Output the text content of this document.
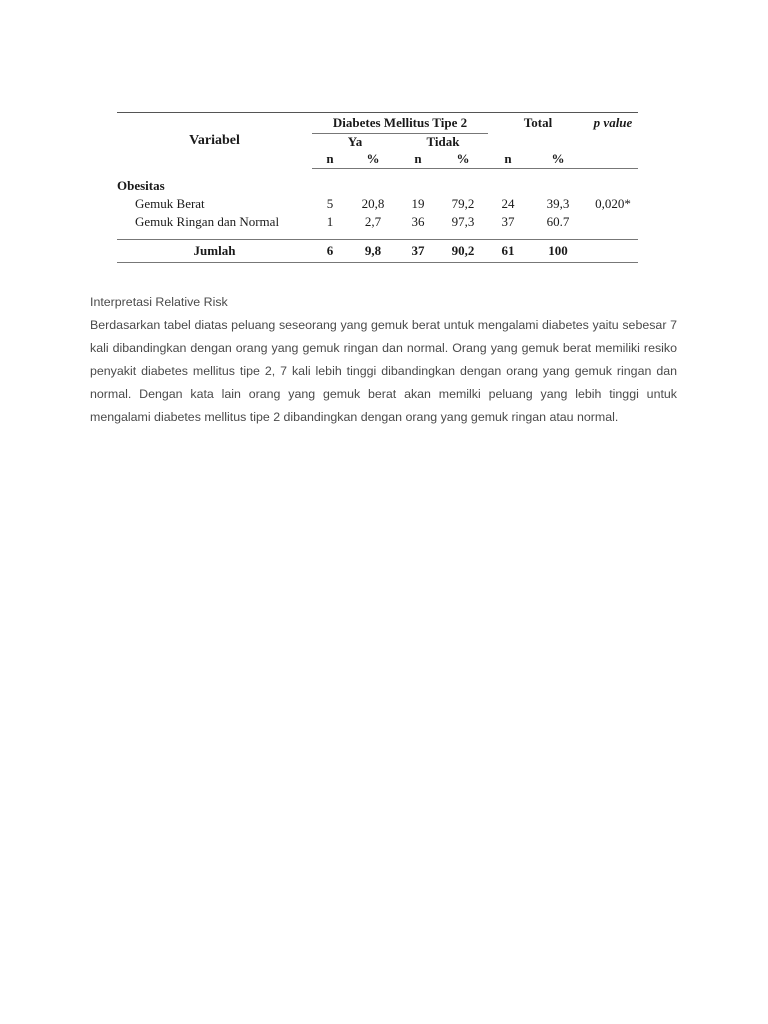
Variabel	Diabetes Mellitus Tipe 2				Total		p value
	Ya		Tidak				
	n	%	n	%	n	%	

Obesitas							
Gemuk Berat	5	20,8	19	79,2	24	39,3	0,020*
Gemuk Ringan dan Normal	1	2,7	36	97,3	37	60.7	

Jumlah	6	9,8	37	90,2	61	100	

Interpretasi Relative Risk

Berdasarkan tabel diatas peluang seseorang yang gemuk berat untuk mengalami diabetes yaitu sebesar 7 kali dibandingkan dengan orang yang gemuk ringan dan normal. Orang yang gemuk berat memiliki resiko penyakit diabetes mellitus tipe 2, 7 kali lebih tinggi dibandingkan dengan orang yang gemuk ringan dan normal. Dengan kata lain orang yang gemuk berat akan memilki peluang yang lebih tinggi untuk mengalami diabetes mellitus tipe 2 dibandingkan dengan orang yang gemuk ringan atau normal.
